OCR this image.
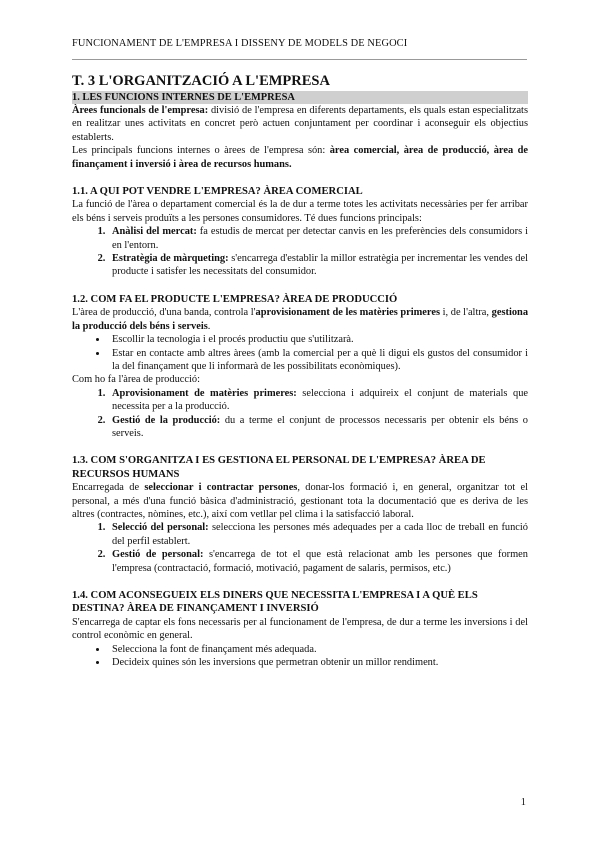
FUNCIONAMENT DE L'EMPRESA I DISSENY DE MODELS DE NEGOCI
T. 3 L'ORGANITZACIÓ A L'EMPRESA
1. LES FUNCIONS INTERNES DE L'EMPRESA

Àrees funcionals de l'empresa: divisió de l'empresa en diferents departaments, els quals estan especialitzats en realitzar unes activitats en concret però actuen conjuntament per coordinar i aconseguir els objectius establerts.

Les principals funcions internes o àrees de l'empresa són: àrea comercial, àrea de producció, àrea de finançament i inversió i àrea de recursos humans.

1.1. A QUI POT VENDRE L'EMPRESA? ÀREA COMERCIAL

La funció de l'àrea o departament comercial és la de dur a terme totes les activitats necessàries per fer arribar els béns i serveis produïts a les persones consumidores. Té dues funcions principals:

1. Anàlisi del mercat: fa estudis de mercat per detectar canvis en les preferències dels consumidors i en l'entorn.
2. Estratègia de màrqueting: s'encarrega d'establir la millor estratègia per incrementar les vendes del producte i satisfer les necessitats del consumidor.
1.2. COM FA EL PRODUCTE L'EMPRESA? ÀREA DE PRODUCCIÓ

L'àrea de producció, d'una banda, controla l'aprovisionament de les matèries primeres i, de l'altra, gestiona la producció dels béns i serveis.

• Escollir la tecnologia i el procés productiu que s'utilitzarà.
• Estar en contacte amb altres àrees (amb la comercial per a què li digui els gustos del consumidor i la del finançament que li informarà de les possibilitats econòmiques).

Com ho fa l'àrea de producció:

1. Aprovisionament de matèries primeres: selecciona i adquireix el conjunt de materials que necessita per a la producció.
2. Gestió de la producció: du a terme el conjunt de processos necessaris per obtenir els béns o serveis.
1.3. COM S'ORGANITZA I ES GESTIONA EL PERSONAL DE L'EMPRESA? ÀREA DE RECURSOS HUMANS

Encarregada de seleccionar i contractar persones, donar-los formació i, en general, organitzar tot el personal, a més d'una funció bàsica d'administració, gestionant tota la documentació que es deriva de les altres (contractes, nòmines, etc.), així com vetllar pel clima i la satisfacció laboral.

1. Selecció del personal: selecciona les persones més adequades per a cada lloc de treball en funció del perfil establert.
2. Gestió de personal: s'encarrega de tot el que està relacionat amb les persones que formen l'empresa (contractació, formació, motivació, pagament de salaris, permisos, etc.)
1.4. COM ACONSEGUEIX ELS DINERS QUE NECESSITA L'EMPRESA I A QUÈ ELS DESTINA? ÀREA DE FINANÇAMENT I INVERSIÓ

S'encarrega de captar els fons necessaris per al funcionament de l'empresa, de dur a terme les inversions i del control econòmic en general.

• Selecciona la font de finançament més adequada.
• Decideix quines són les inversions que permetran obtenir un millor rendiment.
1
